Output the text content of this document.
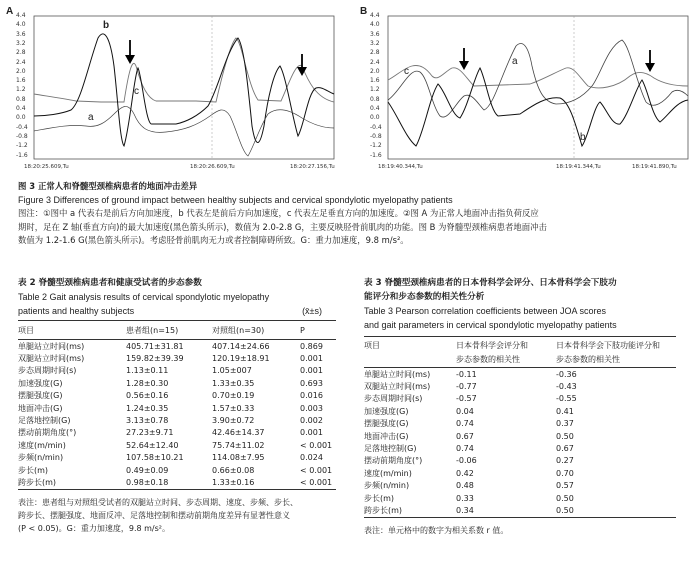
A 4.4
4.0
3.6
3.2
2.8
2.4
2.0
1.6
1.2
0.8
0.4
0.0
-0.4
-0.8
-1.2
-1.6
b
c
a
18:20:25.609,Tu	18:20:26.609,Tu	18:20:27.156,Tu
B 4.4
4.0
3.6
3.2
2.8
2.4
2.0
1.6
1.2
0.8
0.4
0.0
-0.4
-0.8
-1.2
-1.6
c
a
b
18:19:40.344,Tu	18:19:41.344,Tu	18:19:41.890,Tu
图 3 正常人和脊髓型颈椎病患者的地面冲击差异
Figure 3 Differences of ground impact between healthy subjects and cervical spondylotic myelopathy patients
图注：①图中 a 代表右是前后方向加速度，b 代表左是前后方向加速度，c 代表左足垂直方向的加速度。②图 A 为正常人地面冲击指负荷反应
期时，足在 Z 轴(垂直方向)的最大加速度(黑色箭头所示)，数值为 2.0-2.8 G，主要反映胫骨前肌肉的功能。图 B 为脊髓型颈椎病患者地面冲击
数值为 1.2-1.6 G(黑色箭头所示)。考虑胫骨前肌肉无力或者控制障碍所致。G：重力加速度，9.8 m/s²。
表 2 脊髓型颈椎病患者和健康受试者的步态参数
Table 2 Gait analysis results of cervical spondylotic myelopathy
patients and healthy subjects	(x̄±s)
项目	患者组(n=15)	对照组(n=30)	P
单腿站立时间(ms)	405.71±31.81	407.14±24.66	0.869
双腿站立时间(ms)	159.82±39.39	120.19±18.91	0.001
步态周期时间(s)	1.13±0.11	1.05±007	0.001
加速强度(G)	1.28±0.30	1.33±0.35	0.693
摆腿强度(G)	0.56±0.16	0.70±0.19	0.016
地面冲击(G)	1.24±0.35	1.57±0.33	0.003
足落地控制(G)	3.13±0.78	3.90±0.72	0.002
摆动前期角度(°)	27.23±9.71	42.46±14.37	0.001
速度(m/min)	52.64±12.40	75.74±11.02	< 0.001
步频(n/min)	107.58±10.21	114.08±7.95	0.024
步长(m)	0.49±0.09	0.66±0.08	< 0.001
跨步长(m)	0.98±0.18	1.33±0.16	< 0.001
表注：患者组与对照组受试者的双腿站立时间、步态周期、速度、步频、步长、
跨步长、摆腿强度、地面反冲、足落地控制和摆动前期角度差异有显著性意义
(P < 0.05)。G：重力加速度，9.8 m/s²。
表 3 脊髓型颈椎病患者的日本骨科学会评分、日本骨科学会下肢功
能评分和步态参数的相关性分析
Table 3 Pearson correlation coefficients between JOA scores
and gait parameters in cervical spondylotic myelopathy patients
项目	日本骨科学会评分和	日本骨科学会下肢功能评分和
	步态参数的相关性	步态参数的相关性
单腿站立时间(ms)	-0.11	-0.36
双腿站立时间(ms)	-0.77	-0.43
步态周期时间(s)	-0.57	-0.55
加速强度(G)	0.04	0.41
摆腿强度(G)	0.74	0.37
地面冲击(G)	0.67	0.50
足落地控制(G)	0.74	0.67
摆动前期角度(°)	-0.06	0.27
速度(m/min)	0.42	0.70
步频(n/min)	0.48	0.57
步长(m)	0.33	0.50
跨步长(m)	0.34	0.50
表注：单元格中的数字为相关系数 r 值。
